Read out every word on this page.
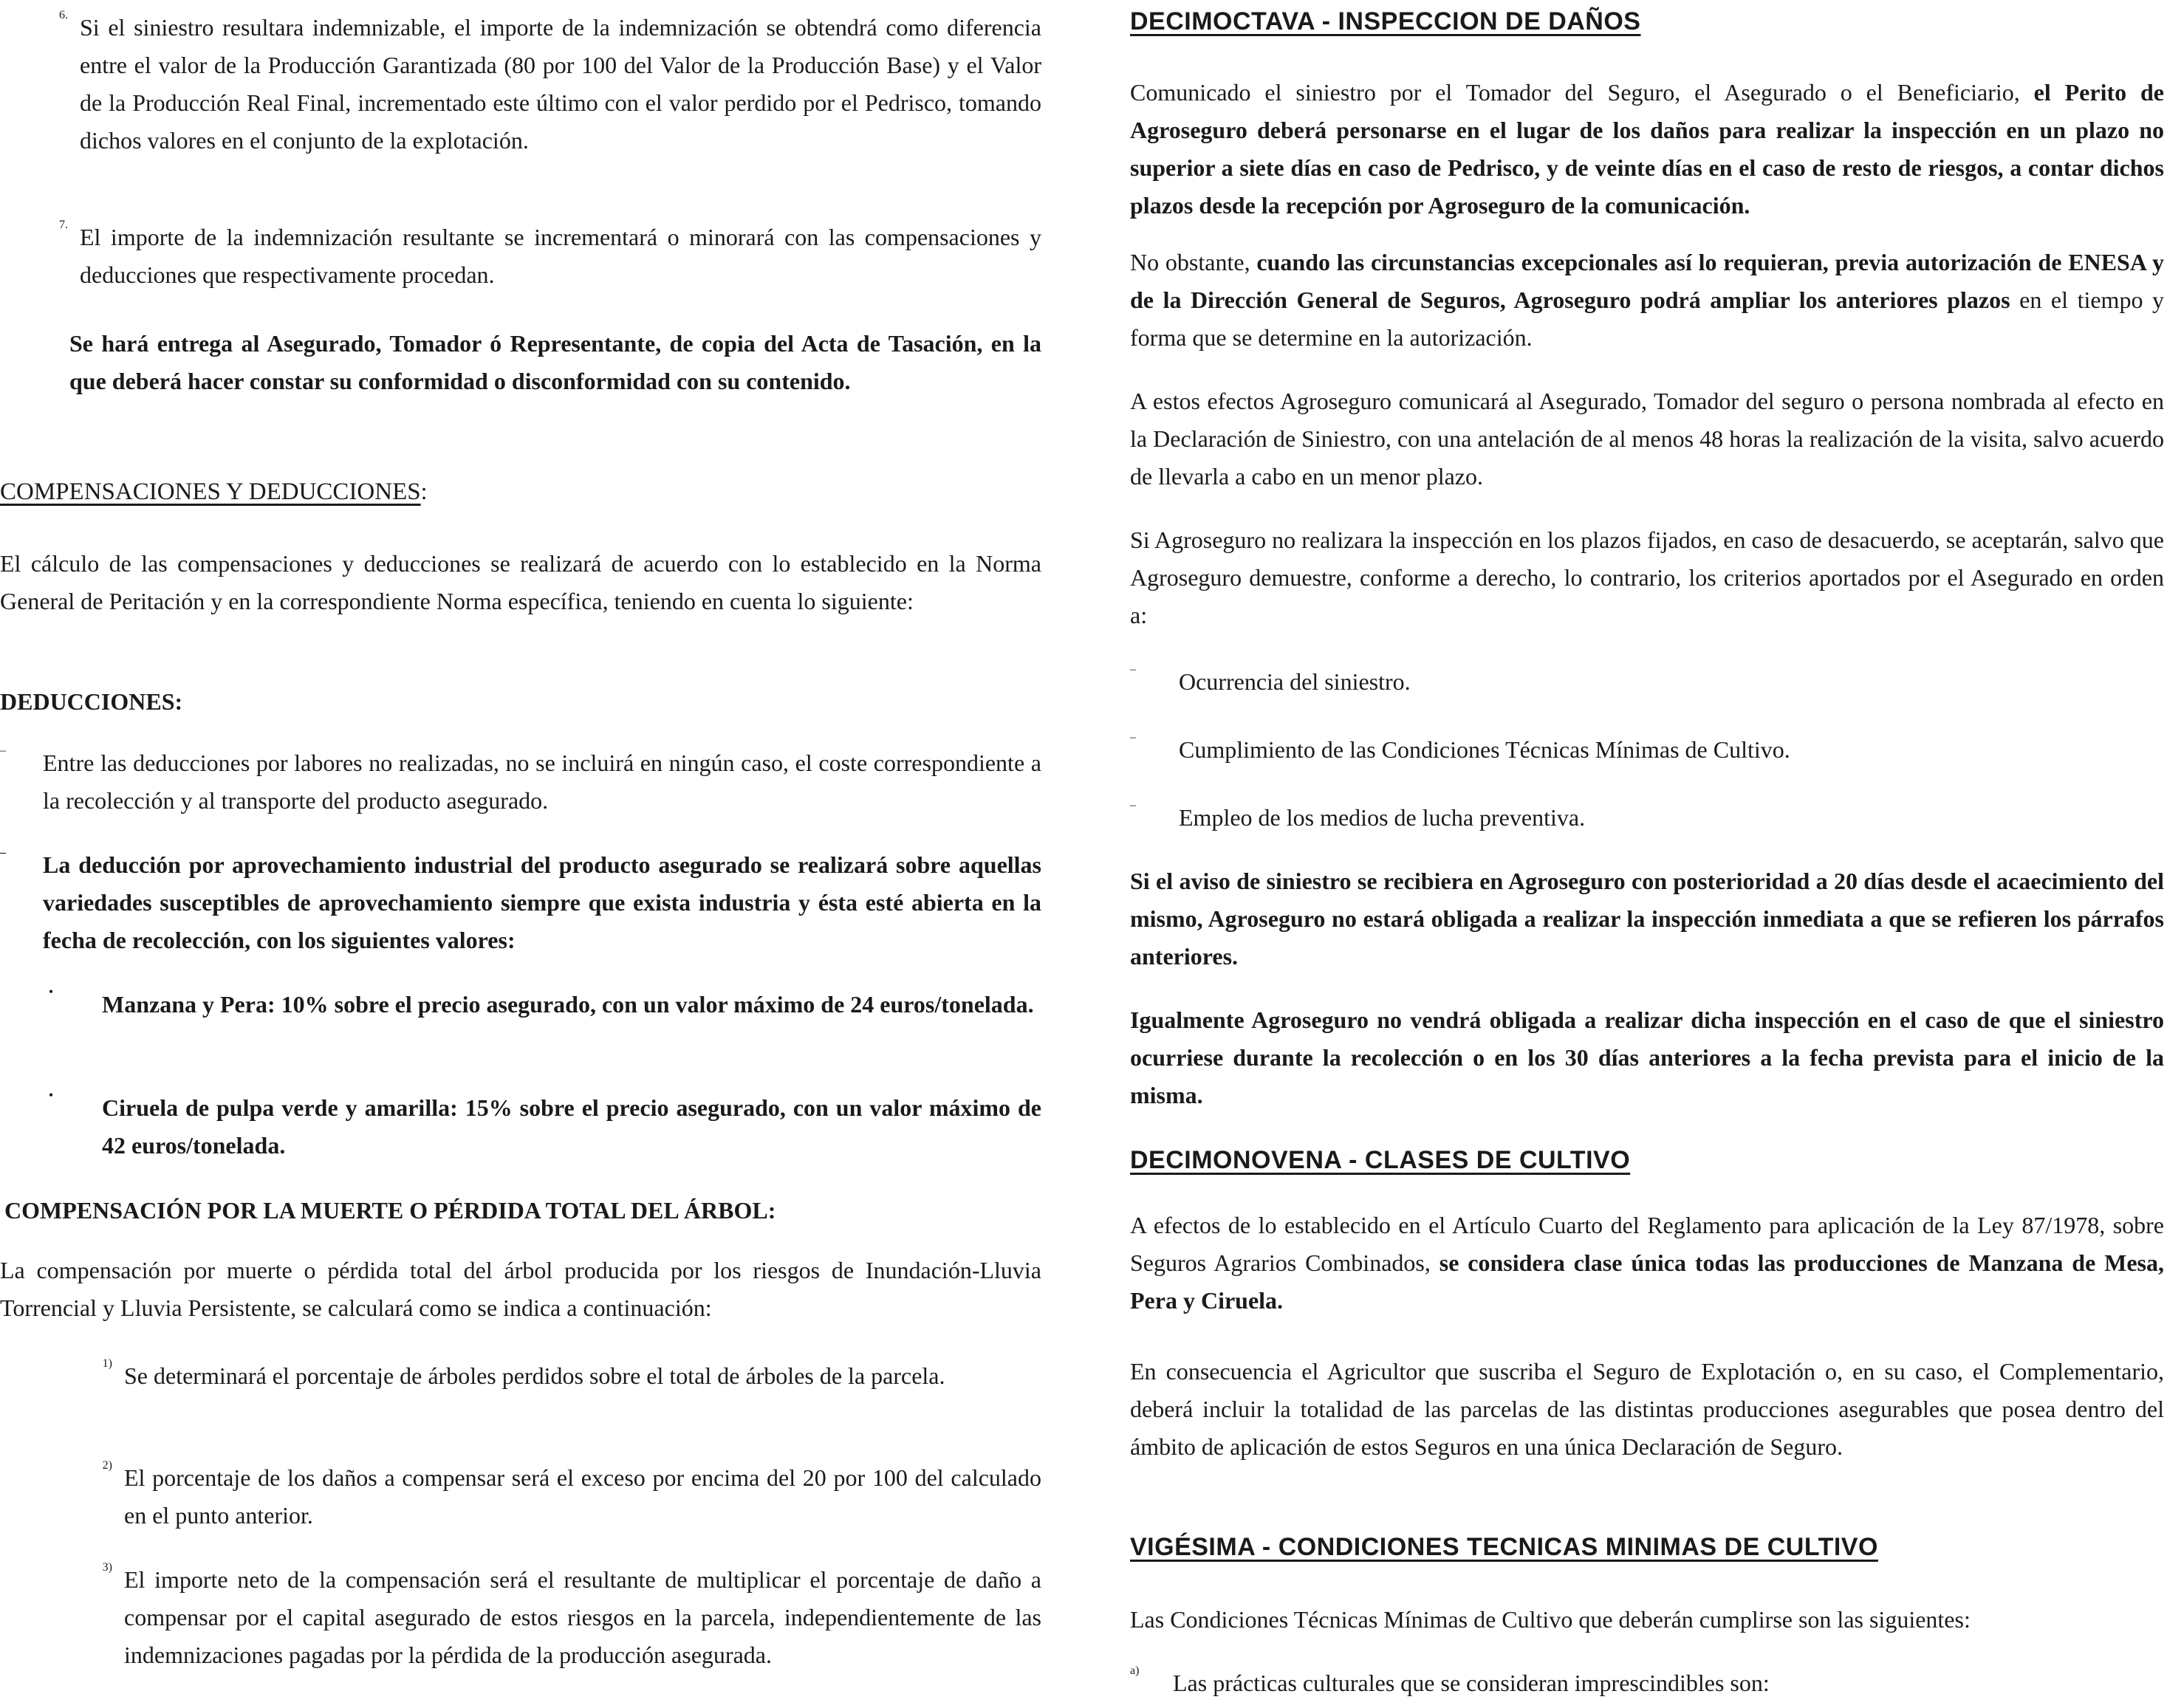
6. Si el siniestro resultara indemnizable, el importe de la indemnización se obtendrá como diferencia entre el valor de la Producción Garantizada (80 por 100 del Valor de la Producción Base) y el Valor de la Producción Real Final, incrementado este último con el valor perdido por el Pedrisco, tomando dichos valores en el conjunto de la explotación.

7. El importe de la indemnización resultante se incrementará o minorará con las compensaciones y deducciones que respectivamente procedan.

Se hará entrega al Asegurado, Tomador ó Representante, de copia del Acta de Tasación, en la que deberá hacer constar su conformidad o disconformidad con su contenido.

COMPENSACIONES Y DEDUCCIONES:

El cálculo de las compensaciones y deducciones se realizará de acuerdo con lo establecido en la Norma General de Peritación y en la correspondiente Norma específica, teniendo en cuenta lo siguiente:

DEDUCCIONES:

–	Entre las deducciones por labores no realizadas, no se incluirá en ningún caso, el coste correspondiente a la recolección y al transporte del producto asegurado.

–	La deducción por aprovechamiento industrial del producto asegurado se realizará sobre aquellas variedades susceptibles de aprovechamiento siempre que exista industria y ésta esté abierta en la fecha de recolección, con los siguientes valores:

•	Manzana y Pera: 10% sobre el precio asegurado, con un valor máximo de 24 euros/tonelada.

•	Ciruela de pulpa verde y amarilla: 15% sobre el precio asegurado, con un valor máximo de 42 euros/tonelada.

COMPENSACIÓN POR LA MUERTE O PÉRDIDA TOTAL DEL ÁRBOL:

La compensación por muerte o pérdida total del árbol producida por los riesgos de Inundación-Lluvia Torrencial y Lluvia Persistente, se calculará como se indica a continuación:

1) Se determinará el porcentaje de árboles perdidos sobre el total de árboles de la parcela.

2) El porcentaje de los daños a compensar será el exceso por encima del 20 por 100 del calculado en el punto anterior.

3) El importe neto de la compensación será el resultante de multiplicar el porcentaje de daño a compensar por el capital asegurado de estos riesgos en la parcela, independientemente de las indemnizaciones pagadas por la pérdida de la producción asegurada.

DECIMOCTAVA - INSPECCION DE DAÑOS

Comunicado el siniestro por el Tomador del Seguro, el Asegurado o el Beneficiario, el Perito de Agroseguro deberá personarse en el lugar de los daños para realizar la inspección en un plazo no superior a siete días en caso de Pedrisco, y de veinte días en el caso de resto de riesgos, a contar dichos plazos desde la recepción por Agroseguro de la comunicación.

No obstante, cuando las circunstancias excepcionales así lo requieran, previa autorización de ENESA y de la Dirección General de Seguros, Agroseguro podrá ampliar los anteriores plazos en el tiempo y forma que se determine en la autorización.

A estos efectos Agroseguro comunicará al Asegurado, Tomador del seguro o persona nombrada al efecto en la Declaración de Siniestro, con una antelación de al menos 48 horas la realización de la visita, salvo acuerdo de llevarla a cabo en un menor plazo.

Si Agroseguro no realizara la inspección en los plazos fijados, en caso de desacuerdo, se aceptarán, salvo que Agroseguro demuestre, conforme a derecho, lo contrario, los criterios aportados por el Asegurado en orden a:

–	Ocurrencia del siniestro.

–	Cumplimiento de las Condiciones Técnicas Mínimas de Cultivo.

–	Empleo de los medios de lucha preventiva.

Si el aviso de siniestro se recibiera en Agroseguro con posterioridad a 20 días desde el acaecimiento del mismo, Agroseguro no estará obligada a realizar la inspección inmediata a que se refieren los párrafos anteriores.

Igualmente Agroseguro no vendrá obligada a realizar dicha inspección en el caso de que el siniestro ocurriese durante la recolección o en los 30 días anteriores a la fecha prevista para el inicio de la misma.

DECIMONOVENA - CLASES DE CULTIVO

A efectos de lo establecido en el Artículo Cuarto del Reglamento para aplicación de la Ley 87/1978, sobre Seguros Agrarios Combinados, se considera clase única todas las producciones de Manzana de Mesa, Pera y Ciruela.

En consecuencia el Agricultor que suscriba el Seguro de Explotación o, en su caso, el Complementario, deberá incluir la totalidad de las parcelas de las distintas producciones asegurables que posea dentro del ámbito de aplicación de estos Seguros en una única Declaración de Seguro.

VIGÉSIMA - CONDICIONES TECNICAS MINIMAS DE CULTIVO

Las Condiciones Técnicas Mínimas de Cultivo que deberán cumplirse son las siguientes:

a)	Las prácticas culturales que se consideran imprescindibles son:
